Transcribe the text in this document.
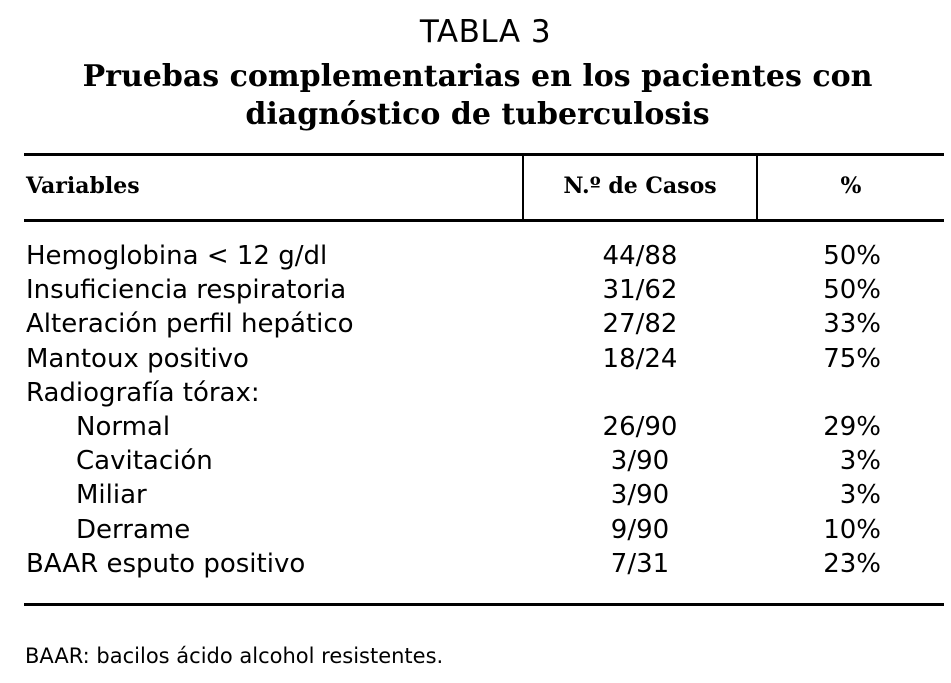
TABLA 3
Pruebas complementarias en los pacientes con
diagnóstico de tuberculosis
Variables	N.º de Casos	%
Hemoglobina < 12 g/dl	44/88	50%
Insuficiencia respiratoria	31/62	50%
Alteración perfil hepático	27/82	33%
Mantoux positivo	18/24	75%
Radiografía tórax:
Normal	26/90	29%
Cavitación	3/90	3%
Miliar	3/90	3%
Derrame	9/90	10%
BAAR esputo positivo	7/31	23%
BAAR: bacilos ácido alcohol resistentes.
